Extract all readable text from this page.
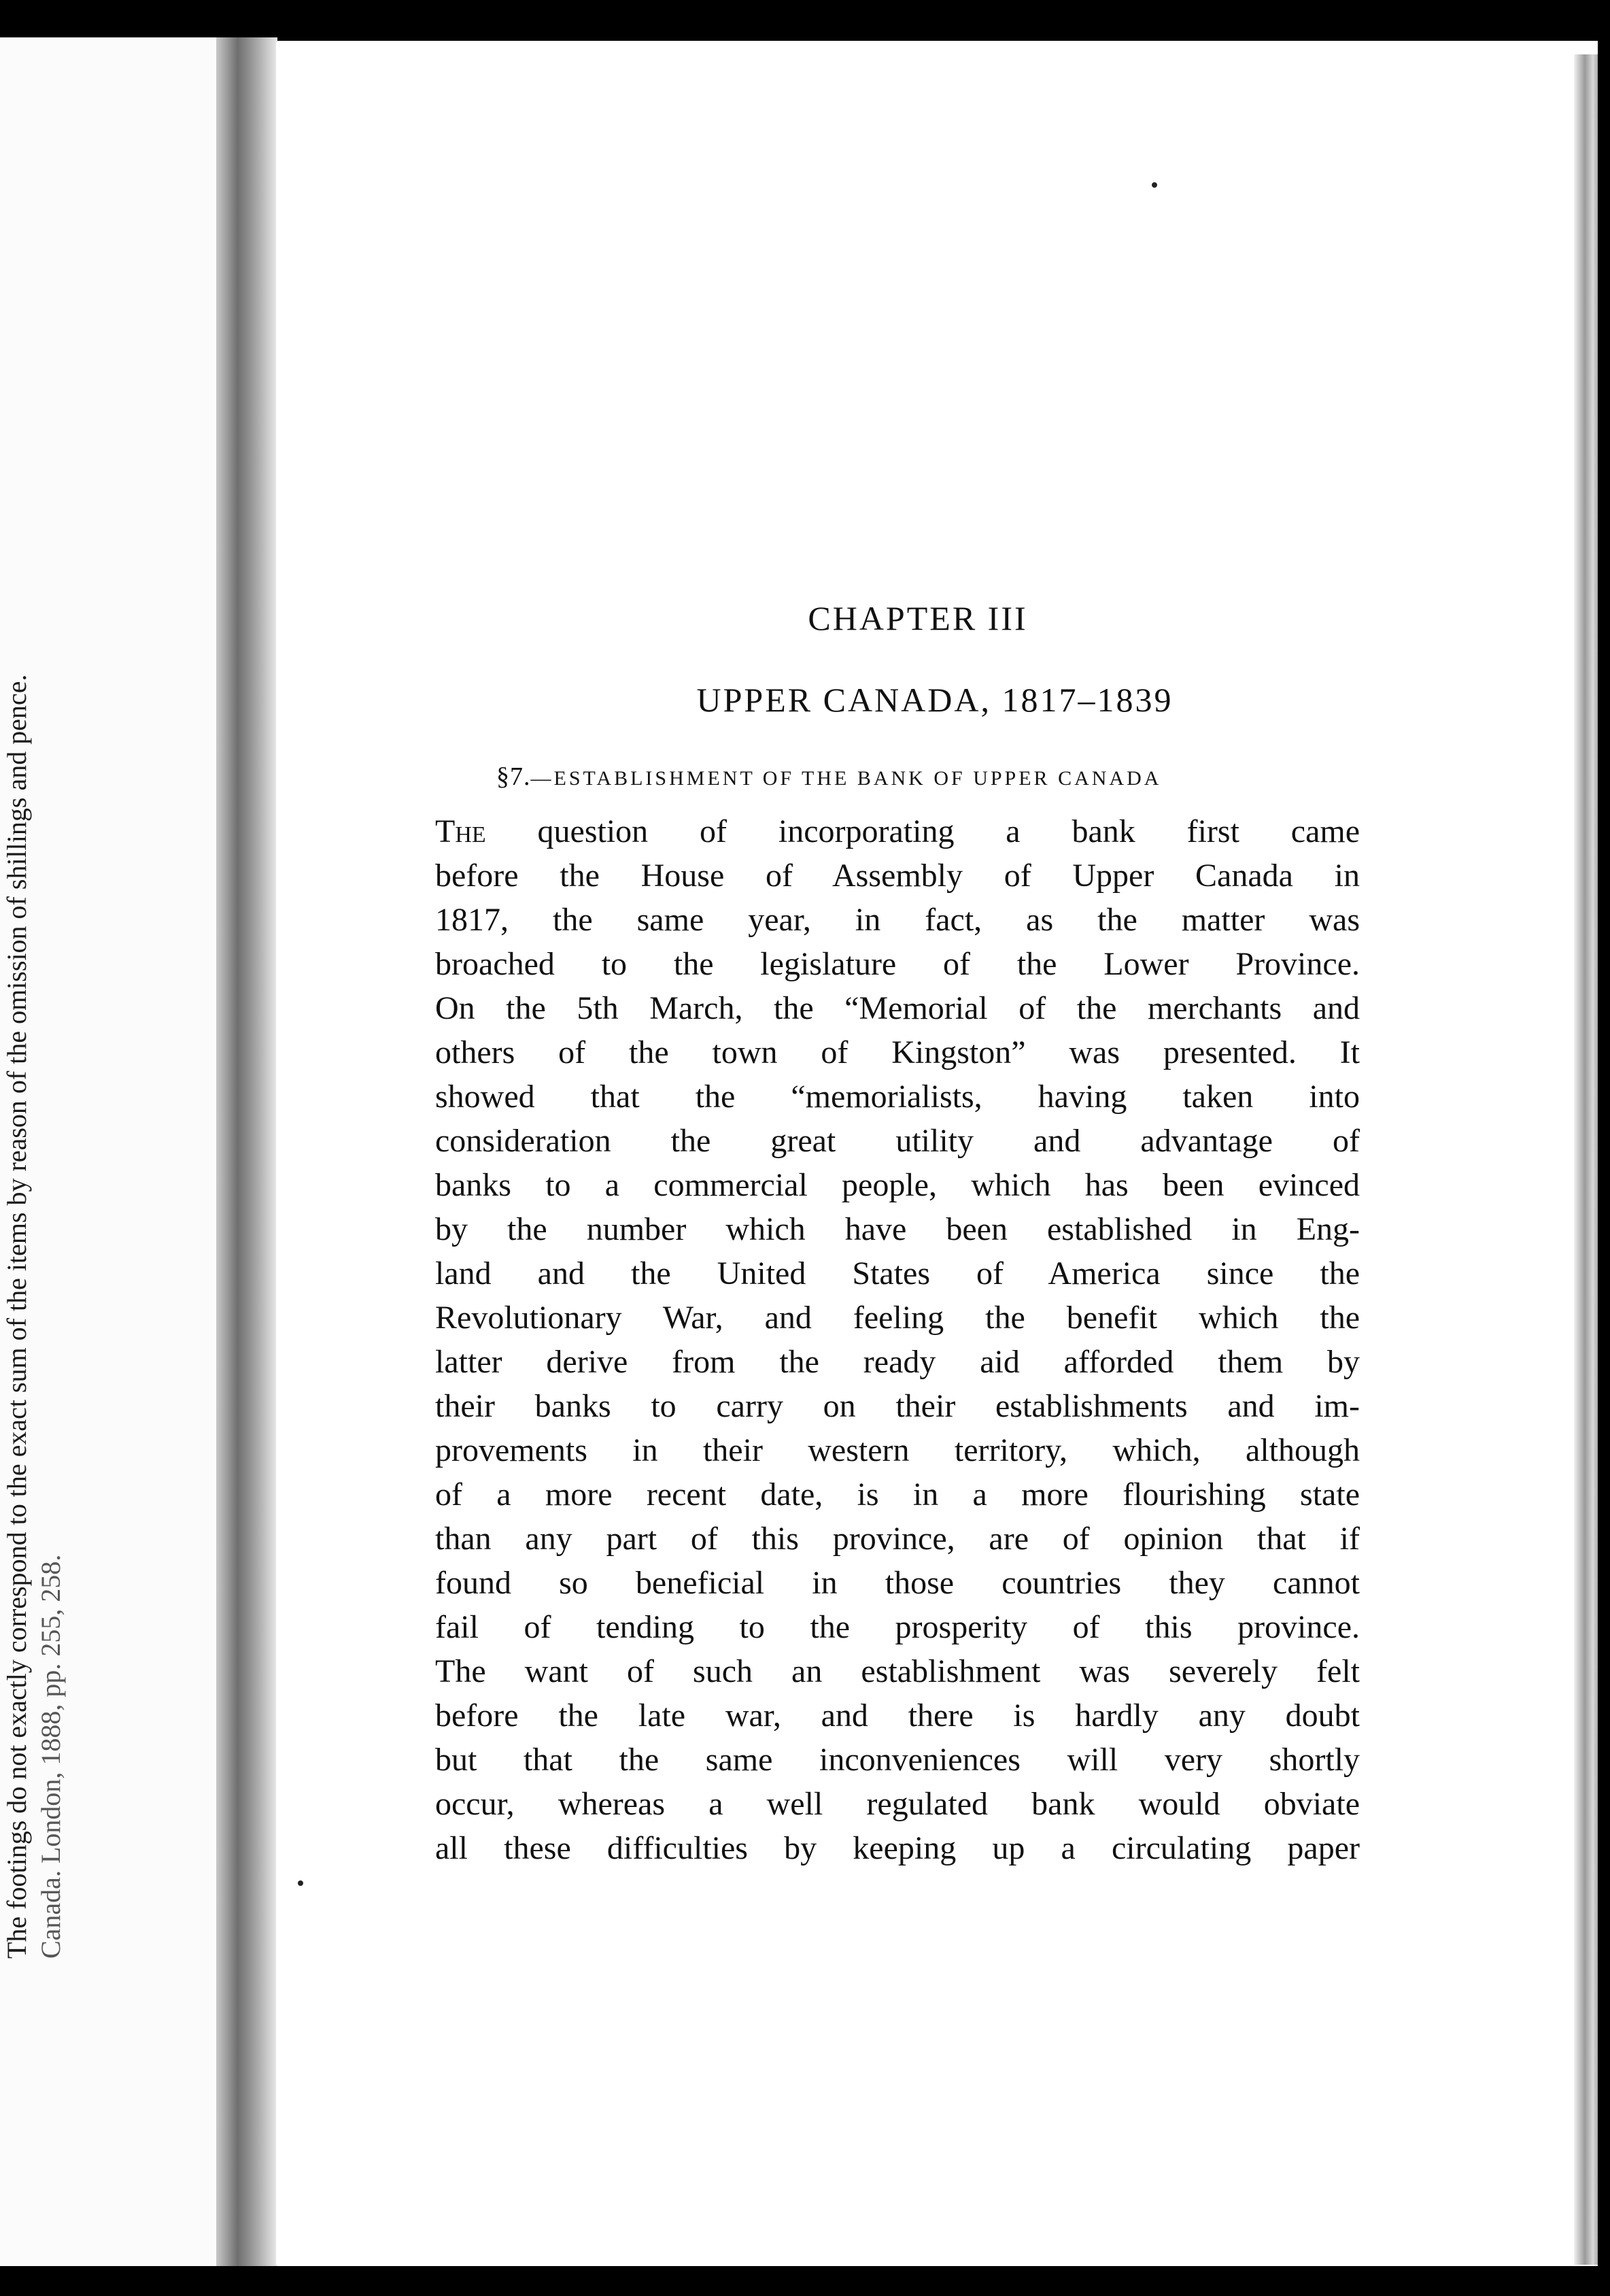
The footings do not exactly correspond to the exact sum of the items by reason of the omission of shillings and pence. Canada. London, 1888, pp. 255, 258.
CHAPTER III
UPPER CANADA, 1817–1839
§7.—ESTABLISHMENT OF THE BANK OF UPPER CANADA
The question of incorporating a bank first came
before the House of Assembly of Upper Canada in
1817, the same year, in fact, as the matter was
broached to the legislature of the Lower Province.
On the 5th March, the “Memorial of the merchants and
others of the town of Kingston” was presented. It
showed that the “memorialists, having taken into
consideration the great utility and advantage of
banks to a commercial people, which has been evinced
by the number which have been established in Eng-
land and the United States of America since the
Revolutionary War, and feeling the benefit which the
latter derive from the ready aid afforded them by
their banks to carry on their establishments and im-
provements in their western territory, which, although
of a more recent date, is in a more flourishing state
than any part of this province, are of opinion that if
found so beneficial in those countries they cannot
fail of tending to the prosperity of this province.
The want of such an establishment was severely felt
before the late war, and there is hardly any doubt
but that the same inconveniences will very shortly
occur, whereas a well regulated bank would obviate
all these difficulties by keeping up a circulating paper
